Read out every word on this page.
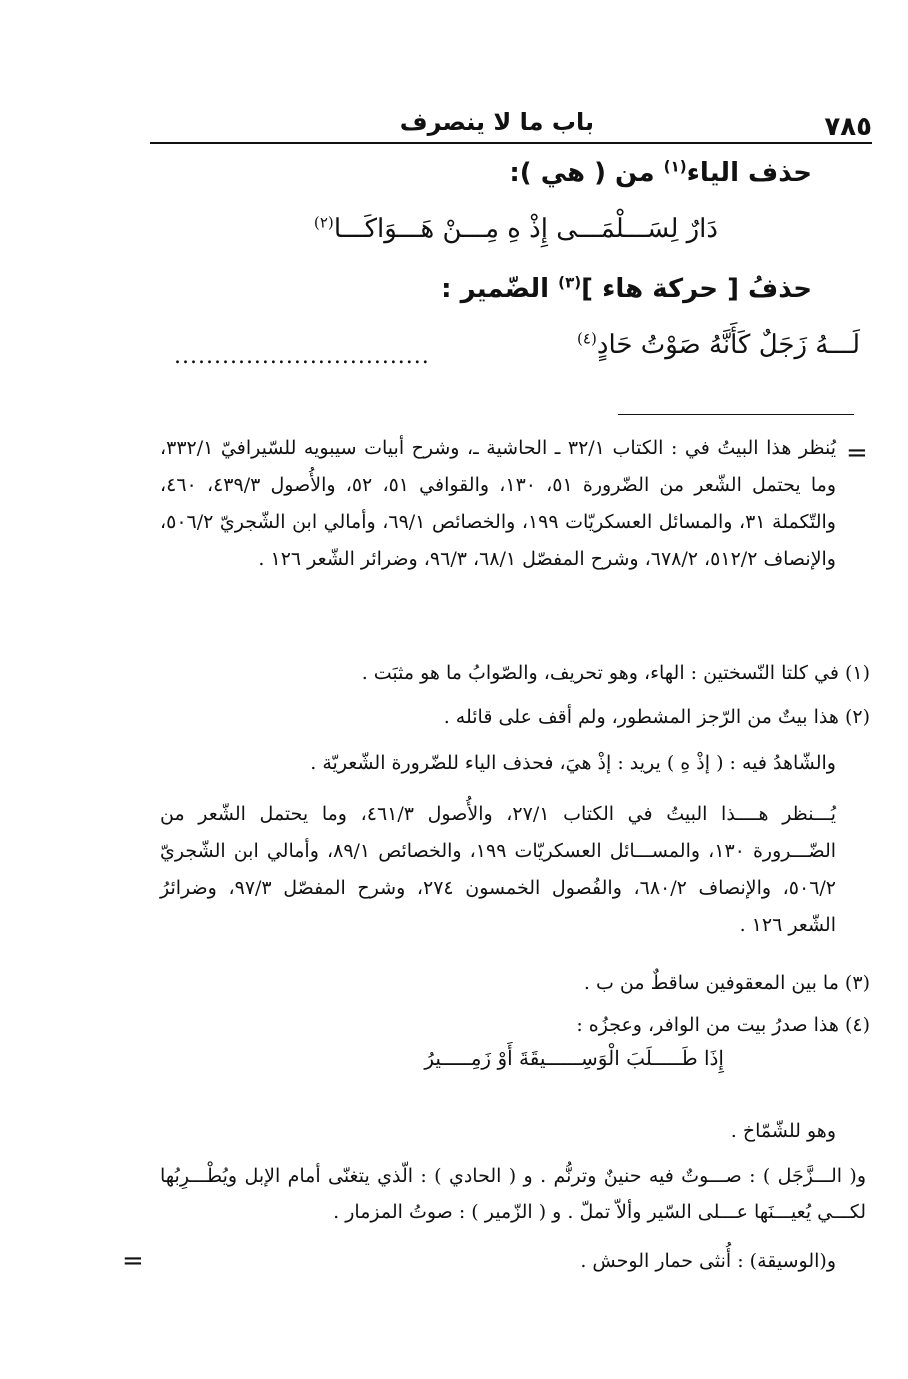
باب ما لا ينصرف	٧٨٥
حذف الياء$^{(١)}$ من ( هي ):
دَارٌ لِسَـــلْمَـــى إِذْ هِ مِـــنْ هَـــوَاكَـــا$^{(٢)}$
حذفُ [ حركة هاء ]$^{(٣)}$ الضّمير :
لَـــهُ زَجَلٌ كَأَنَّهُ صَوْتُ حَادٍ$^{(٤)}$
................................
=
يُنظر هذا البيتُ في : الكتاب ٣٢/١ ـ الحاشية ـ، وشرح أبيات سيبويه للسّيرافيّ ٣٣٢/١، وما يحتمل الشّعر من الضّرورة ٥١، ١٣٠، والقوافي ٥١، ٥٢، والأُصول ٤٣٩/٣، ٤٦٠، والتّكملة ٣١، والمسائل العسكريّات ١٩٩، والخصائص ٦٩/١، وأمالي ابن الشّجريّ ٥٠٦/٢، والإنصاف ٥١٢/٢، ٦٧٨/٢، وشرح المفصّل ٦٨/١، ٩٦/٣، وضرائر الشّعر ١٢٦ .
(١) في كلتا النّسختين : الهاء، وهو تحريف، والصّوابُ ما هو مثبَت .
(٢) هذا بيتٌ من الرّجز المشطور، ولم أقف على قائله .
والشّاهدُ فيه : ( إذْ هِ ) يريد : إذْ هيَ، فحذف الياء للضّرورة الشّعريّة .
يُـــنظر هــــذا البيتُ في الكتاب ٢٧/١، والأُصول ٤٦١/٣، وما يحتمل الشّعر من الضّـــرورة ١٣٠، والمســـائل العسكريّات ١٩٩، والخصائص ٨٩/١، وأمالي ابن الشّجريّ ٥٠٦/٢، والإنصاف ٦٨٠/٢، والفُصول الخمسون ٢٧٤، وشرح المفصّل ٩٧/٣، وضرائرُ الشّعر ١٢٦ .
(٣) ما بين المعقوفين ساقطٌ من ب .
(٤) هذا صدرُ بيت من الوافر، وعجزُه :
إِذَا طَـــــلَبَ الْوَسِــــــيقَةَ أَوْ زَمِـــــيرُ
وهو للشّمّاخ .
و( الـــزَّجَل ) : صـــوتٌ فيه حنينٌ وترنُّم . و ( الحادي ) : الّذي يتغنّى أمام الإبل ويُطْـــرِبُها لكـــي يُعيـــنَها عـــلى السّير وألاّ تملّ . و ( الزّمير ) : صوتُ المزمار .
و(الوسيقة) : أُنثى حمار الوحش .
=
